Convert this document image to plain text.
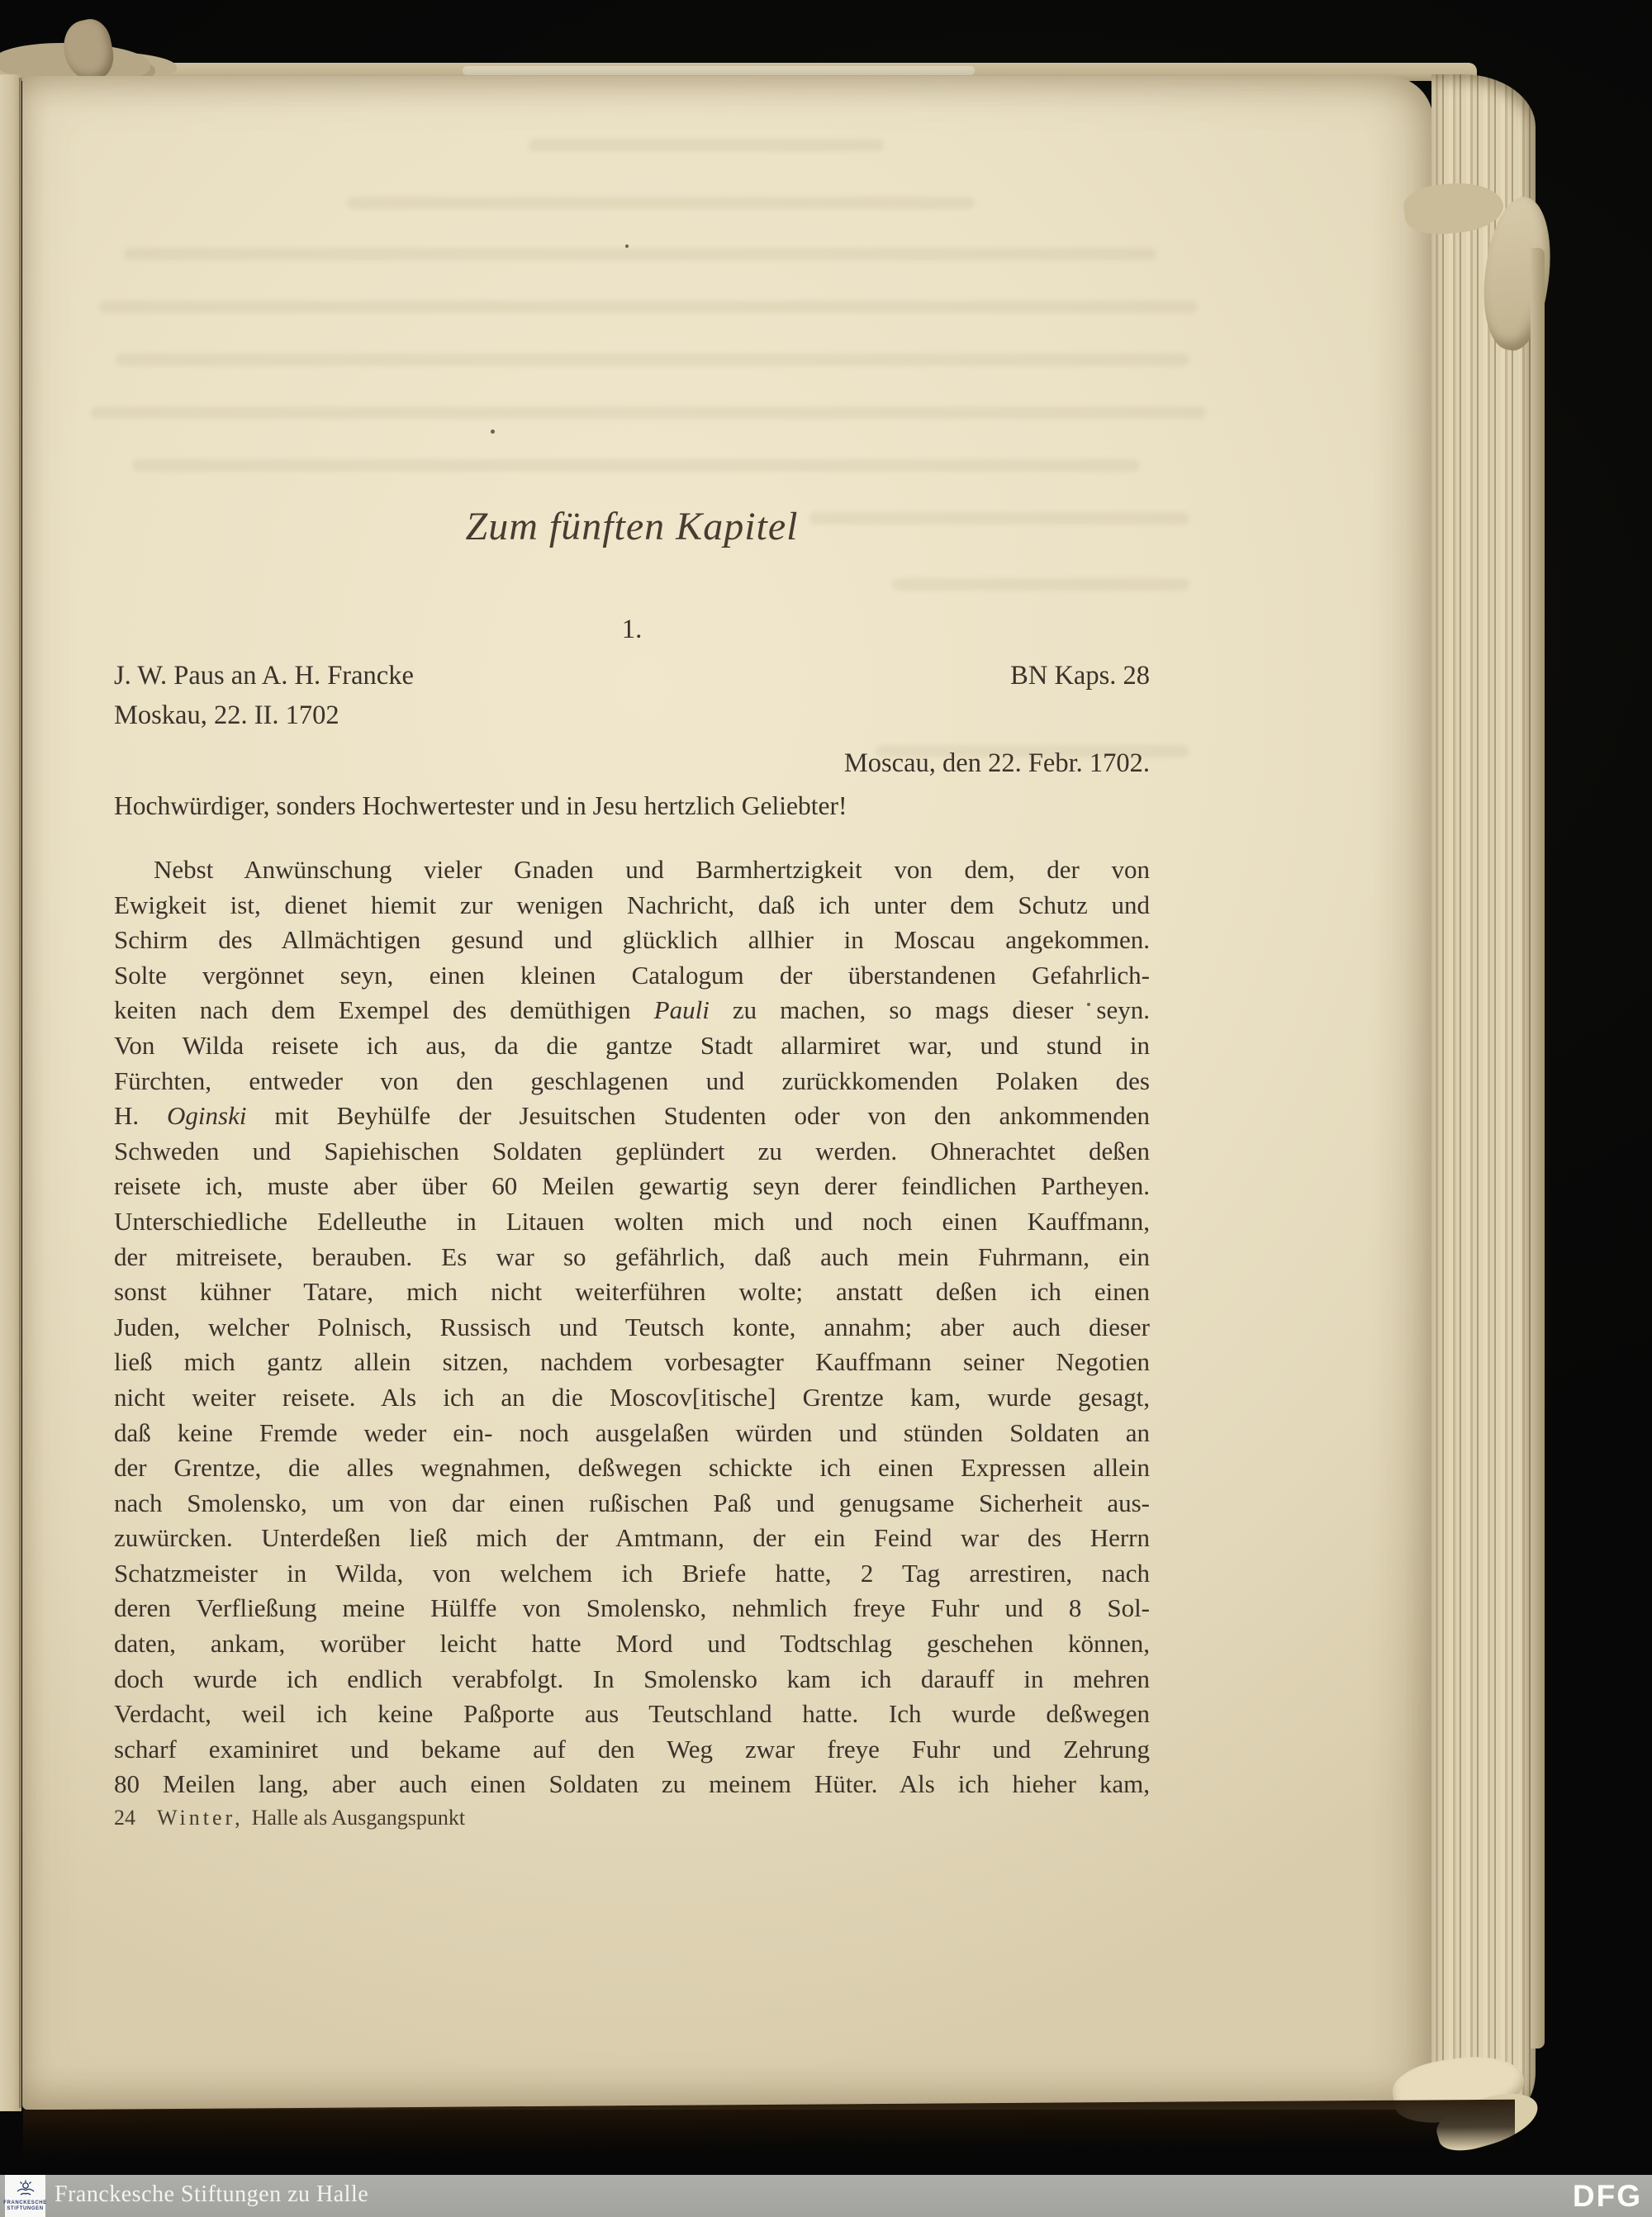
Zum fünften Kapitel
1.
J. W. Paus an A. H. Francke	BN Kaps. 28
Moskau, 22. II. 1702
Moscau, den 22. Febr. 1702.
Hochwürdiger, sonders Hochwertester und in Jesu hertzlich Geliebter!
Nebst Anwünschung vieler Gnaden und Barmhertzigkeit von dem, der von
Ewigkeit ist, dienet hiemit zur wenigen Nachricht, daß ich unter dem Schutz und
Schirm des Allmächtigen gesund und glücklich allhier in Moscau angekommen.
Solte vergönnet seyn, einen kleinen Catalogum der überstandenen Gefahrlich-
keiten nach dem Exempel des demüthigen Pauli zu machen, so mags dieser seyn.
Von Wilda reisete ich aus, da die gantze Stadt allarmiret war, und stund in
Fürchten, entweder von den geschlagenen und zurückkomenden Polaken des
H. Oginski mit Beyhülfe der Jesuitschen Studenten oder von den ankommenden
Schweden und Sapiehischen Soldaten geplündert zu werden. Ohnerachtet deßen
reisete ich, muste aber über 60 Meilen gewartig seyn derer feindlichen Partheyen.
Unterschiedliche Edelleuthe in Litauen wolten mich und noch einen Kauffmann,
der mitreisete, berauben. Es war so gefährlich, daß auch mein Fuhrmann, ein
sonst kühner Tatare, mich nicht weiterführen wolte; anstatt deßen ich einen
Juden, welcher Polnisch, Russisch und Teutsch konte, annahm; aber auch dieser
ließ mich gantz allein sitzen, nachdem vorbesagter Kauffmann seiner Negotien
nicht weiter reisete. Als ich an die Moscov[itische] Grentze kam, wurde gesagt,
daß keine Fremde weder ein- noch ausgelaßen würden und stünden Soldaten an
der Grentze, die alles wegnahmen, deßwegen schickte ich einen Expressen allein
nach Smolensko, um von dar einen rußischen Paß und genugsame Sicherheit aus-
zuwürcken. Unterdeßen ließ mich der Amtmann, der ein Feind war des Herrn
Schatzmeister in Wilda, von welchem ich Briefe hatte, 2 Tag arrestiren, nach
deren Verfließung meine Hülffe von Smolensko, nehmlich freye Fuhr und 8 Sol-
daten, ankam, worüber leicht hatte Mord und Todtschlag geschehen können,
doch wurde ich endlich verabfolgt. In Smolensko kam ich darauff in mehren
Verdacht, weil ich keine Paßporte aus Teutschland hatte. Ich wurde deßwegen
scharf examiniret und bekame auf den Weg zwar freye Fuhr und Zehrung
80 Meilen lang, aber auch einen Soldaten zu meinem Hüter. Als ich hieher kam,
24 Winter, Halle als Ausgangspunkt
FRANCKESCHE
STIFTUNGEN
Franckesche Stiftungen zu Halle	DFG
